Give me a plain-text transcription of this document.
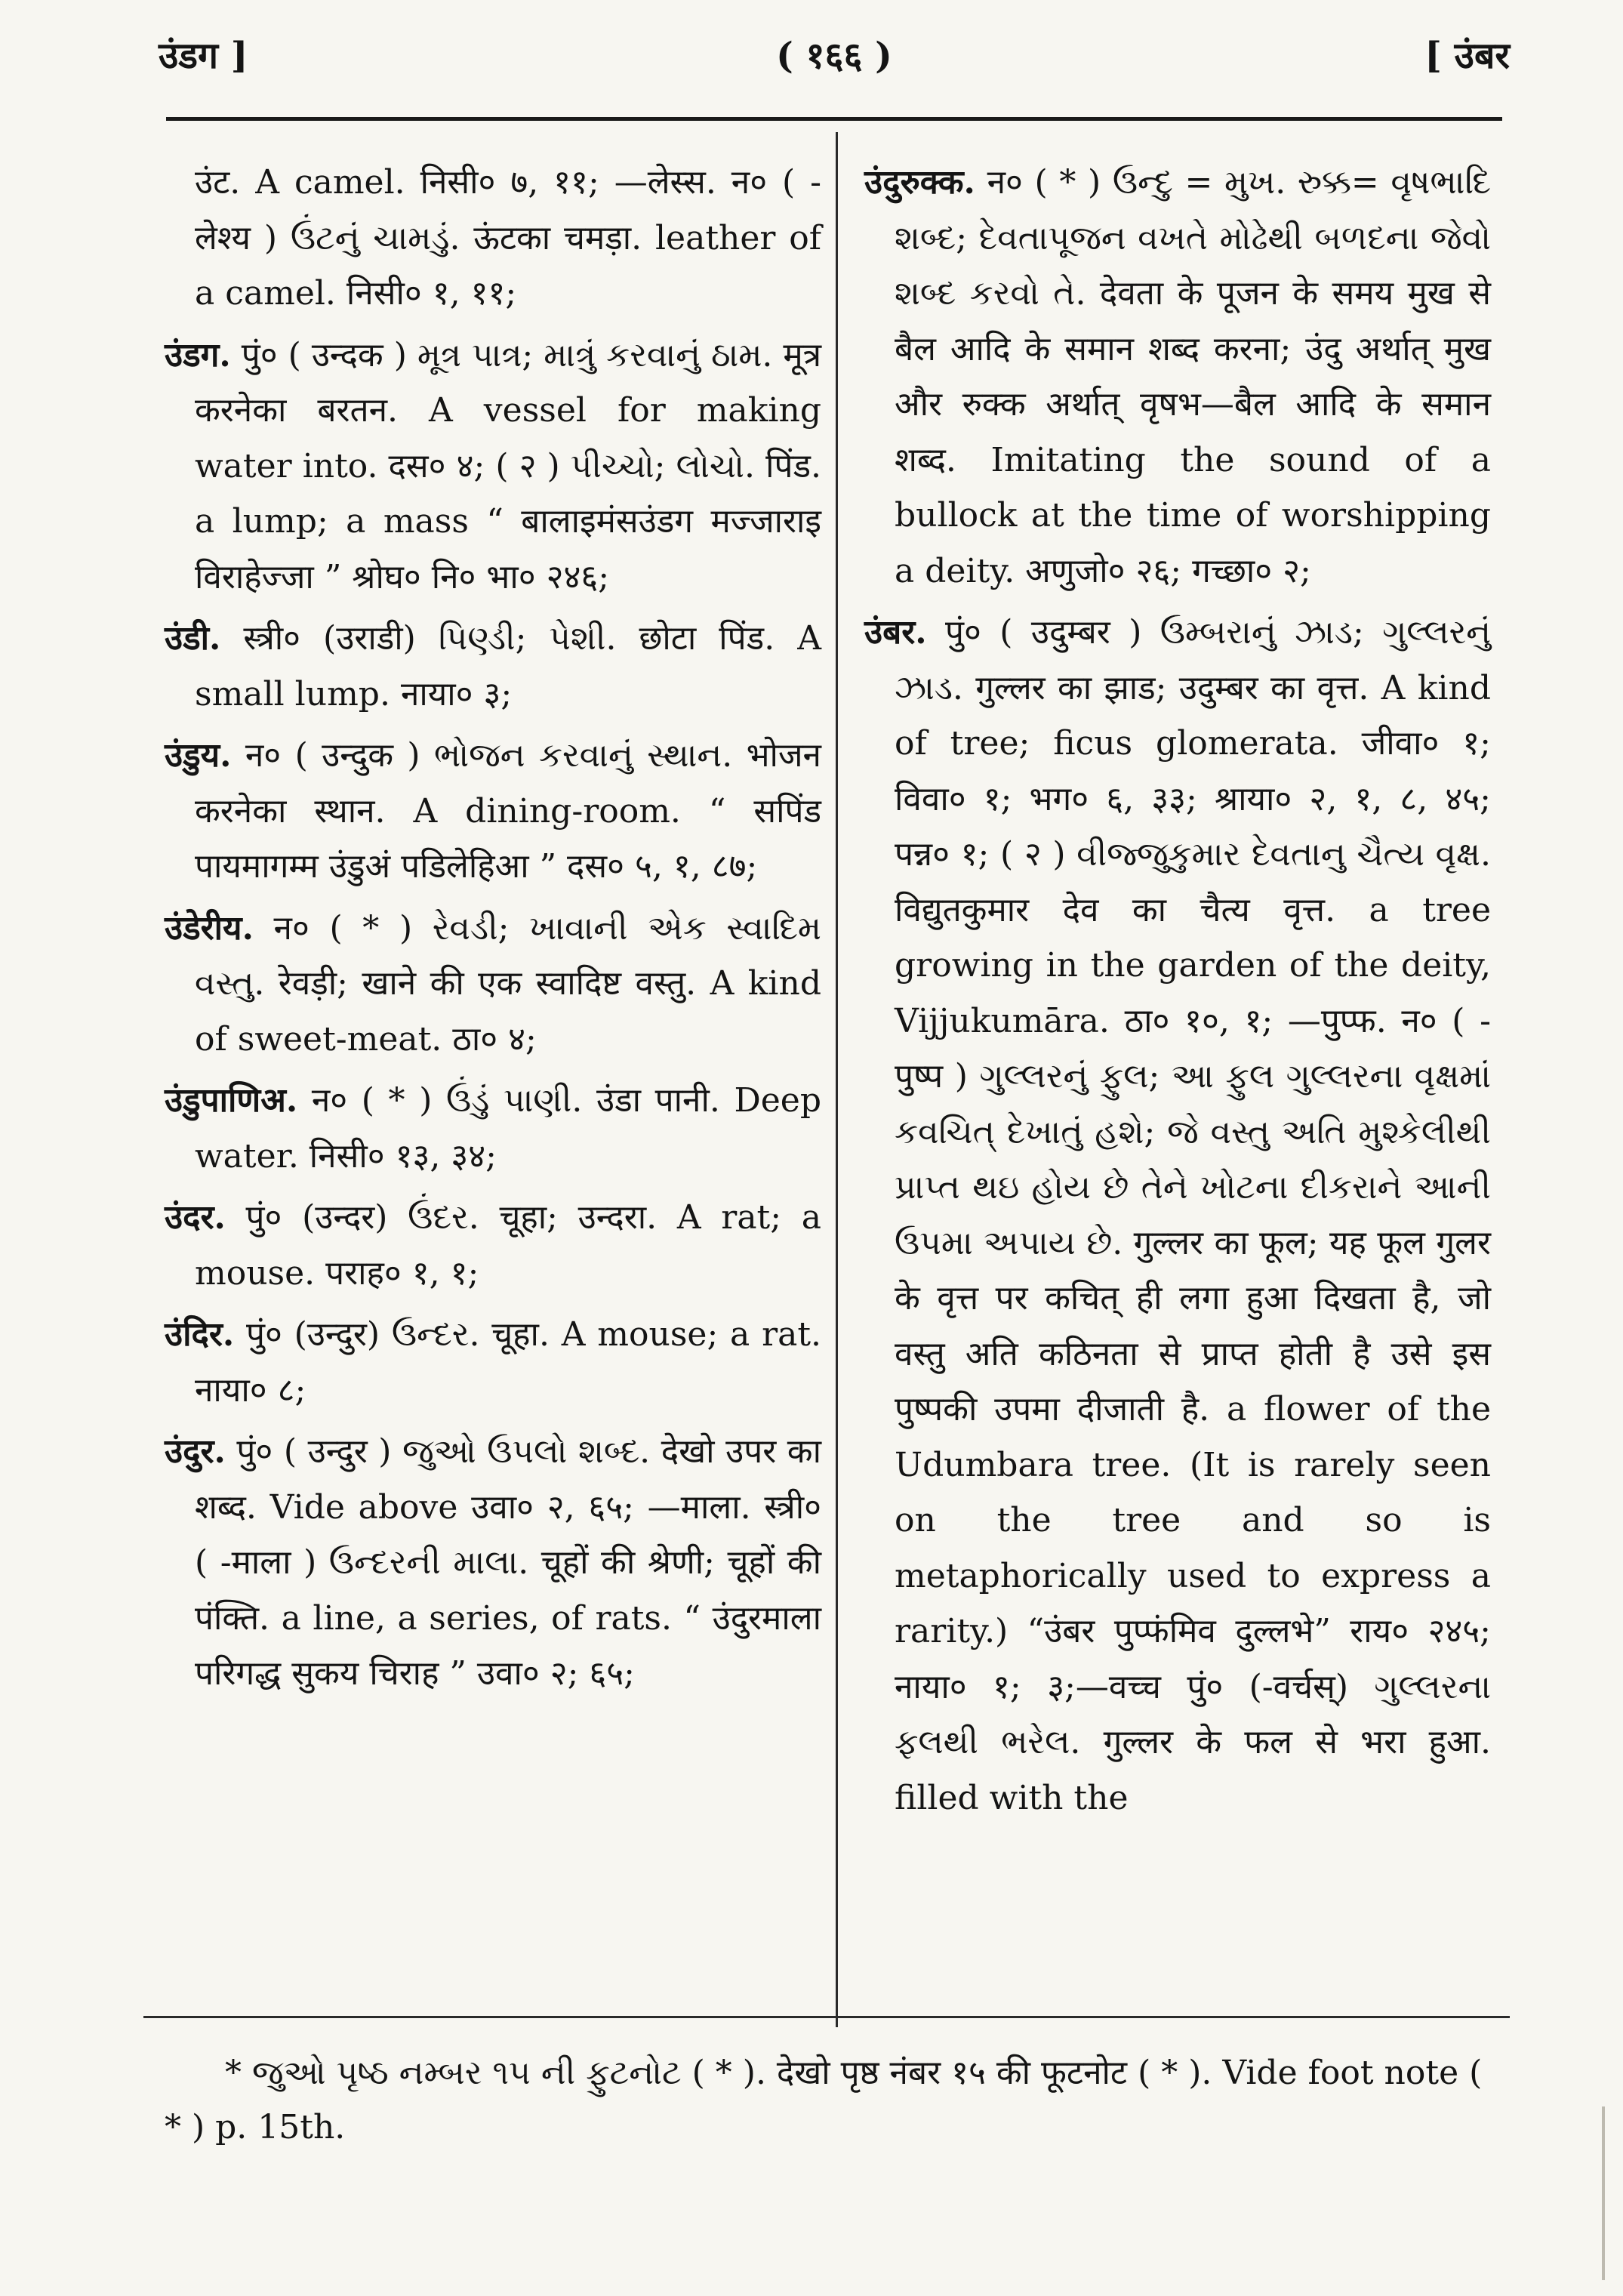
उंडग ]	( १६६ )	[ उंबर

उंट. A camel. निसी० ७, ११; —लेस्स. न० ( -लेश्य ) ઉંટનું ચામડું. ऊंटका चमड़ा. leather of a camel. निसी० १, ११;

उंडग. पुं० ( उन्दक ) મૂત્ર પાત્ર; માત્રું કરવાનું ઠામ. मूत्र करनेका बरतन. A vessel for making water into. दस० ४; ( २ ) પીચ્ચો; લોચો. पिंड. a lump; a mass “ बालाइमंसउंडग मज्जाराइ विराहेज्जा ” श्रोघ० नि० भा० २४६;

उंडी. स्त्री० (उराडी) પિણ્ડી; પેશી. छोटा पिंड. A small lump. नाया० ३;

उंडुय. न० ( उन्दुक ) ભોજન કરવાનું સ્થાન. भोजन करनेका स्थान. A dining-room. “ सपिंड पायमागम्म उंडुअं पडिलेहिआ ” दस० ५, १, ८७;

उंडेरीय. न० ( * ) રેવડી; ખાવાની એક સ્વાદિમ વસ્તુ. रेवड़ी; खाने की एक स्वादिष्ट वस्तु. A kind of sweet-meat. ठा० ४;

उंडुपाणिअ. न० ( * ) ઉંડું પાણી. उंडा पानी. Deep water. निसी० १३, ३४;

उंदर. पुं० (उन्दर) ઉંદર. चूहा; उन्दरा. A rat; a mouse. पराह० १, १;

उंदिर. पुं० (उन्दुर) ઉન્દર. चूहा. A mouse; a rat. नाया० ८;

उंदुर. पुं० ( उन्दुर ) જુઓ ઉપલો શબ્દ. देखो उपर का शब्द. Vide above उवा० २, ६५; —माला. स्त्री० ( -माला ) ઉન્દરની માલા. चूहों की श्रेणी; चूहों की पंक्ति. a line, a series, of rats. “ उंदुरमाला परिगद्ध सुकय चिराह ” उवा० २; ६५;

उंदुरुक्क. न० ( * ) ઉન્દુ = મુખ. રુક્ક= વૃષભાદિ શબ્દ; દેવતાપૂજન વખતે મોઢેથી બળદના જેવો શબ્દ કરવો તે. देवता के पूजन के समय मुख से बैल आदि के समान शब्द करना; उंदु अर्थात् मुख और रुक्क अर्थात् वृषभ—बैल आदि के समान शब्द. Imitating the sound of a bullock at the time of worshipping a deity. अणुजो० २६; गच्छा० २;

उंबर. पुं० ( उदुम्बर ) ઉમ્બરાનું ઝાડ; ગુલ્લરનું ઝાડ. गुल्लर का झाड; उदुम्बर का वृत्त. A kind of tree; ficus glomerata. जीवा० १; विवा० १; भग० ६, ३३; श्राया० २, १, ८, ४५; पन्न० १; ( २ ) વીજ્જુકુમાર દેવતાનુ ચૈત્ય વૃક્ષ. विद्युतकुमार देव का चैत्य वृत्त. a tree growing in the garden of the deity, Vijjukumāra. ठा० १०, १; —पुप्फ. न० ( -पुष्प ) ગુલ્લરનું ફુલ; આ ફુલ ગુલ્લરના વૃક્ષમાં કવચિત્ દેખાતું હશે; જે વસ્તુ અતિ મુશ્કેલીથી પ્રાપ્ત થઇ હોય છે તેને ખોટના દીકરાને આની ઉપમા અપાય છે. गुल्लर का फूल; यह फूल गुलर के वृत्त पर कचित् ही लगा हुआ दिखता है, जो वस्तु अति कठिनता से प्राप्त होती है उसे इस पुष्पकी उपमा दीजाती है. a flower of the Udumbara tree. (It is rarely seen on the tree and so is metaphorically used to express a rarity.) “उंबर पुप्फंमिव दुल्लभे” राय० २४५; नाया० १; ३;—वच्च पुं० (-वर्चस्) ગુલ્લરના ફલથી ભરેલ. गुल्लर के फल से भरा हुआ. filled with the

* જુઓ પૃષ્ઠ નમ્બર ૧૫ ની ફુટનોટ ( * ). देखो पृष्ठ नंबर १५ की फूटनोट ( * ). Vide foot note ( * ) p. 15th.
